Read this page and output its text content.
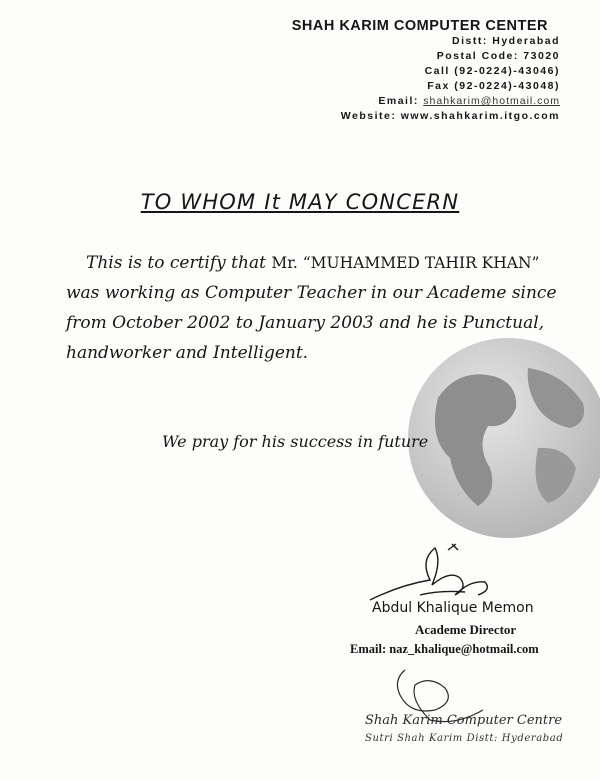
SHAH KARIM COMPUTER CENTER
Distt: Hyderabad
Postal Code: 73020
Call (92-0224)-43046)
Fax (92-0224)-43048)
Email: shahkarim@hotmail.com
Website: www.shahkarim.itgo.com
TO WHOM It MAY CONCERN
This is to certify that Mr. “MUHAMMED TAHIR KHAN”
was working as Computer Teacher in our Academe since
from October 2002 to January 2003 and he is Punctual,
handworker and Intelligent.
We pray for his success in future
Abdul Khalique Memon
Academe Director
Email: naz_khalique@hotmail.com
Shah Karim Computer Centre
Sutri Shah Karim Distt: Hyderabad
